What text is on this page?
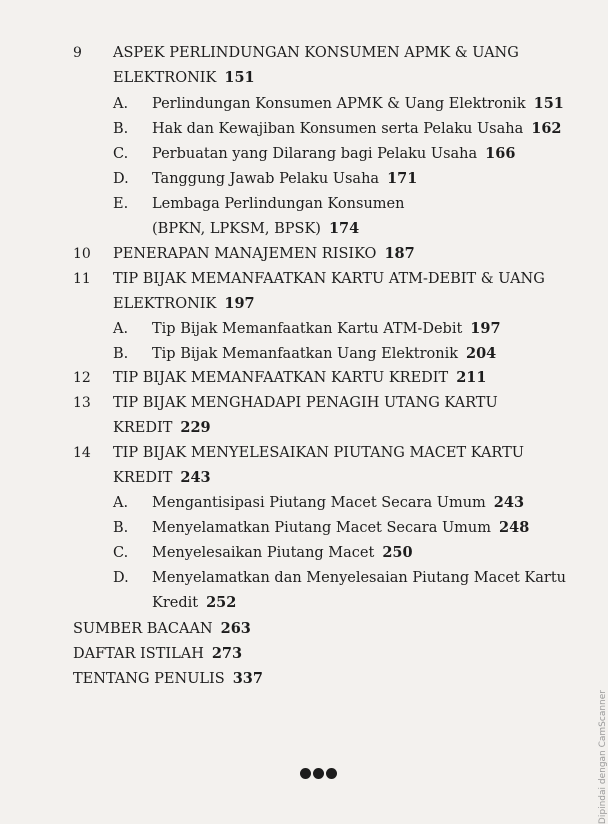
9 ASPEK PERLINDUNGAN KONSUMEN APMK & UANG
ELEKTRONIK 151
A. Perlindungan Konsumen APMK & Uang Elektronik 151
B. Hak dan Kewajiban Konsumen serta Pelaku Usaha 162
C. Perbuatan yang Dilarang bagi Pelaku Usaha 166
D. Tanggung Jawab Pelaku Usaha 171
E. Lembaga Perlindungan Konsumen
(BPKN, LPKSM, BPSK) 174
10 PENERAPAN MANAJEMEN RISIKO 187
11 TIP BIJAK MEMANFAATKAN KARTU ATM-DEBIT & UANG
ELEKTRONIK 197
A. Tip Bijak Memanfaatkan Kartu ATM-Debit 197
B. Tip Bijak Memanfaatkan Uang Elektronik 204
12 TIP BIJAK MEMANFAATKAN KARTU KREDIT 211
13 TIP BIJAK MENGHADAPI PENAGIH UTANG KARTU
KREDIT 229
14 TIP BIJAK MENYELESAIKAN PIUTANG MACET KARTU
KREDIT 243
A. Mengantisipasi Piutang Macet Secara Umum 243
B. Menyelamatkan Piutang Macet Secara Umum 248
C. Menyelesaikan Piutang Macet 250
D. Menyelamatkan dan Menyelesaian Piutang Macet Kartu
Kredit 252
SUMBER BACAAN 263
DAFTAR ISTILAH 273
TENTANG PENULIS 337
Dipindai dengan CamScanner
